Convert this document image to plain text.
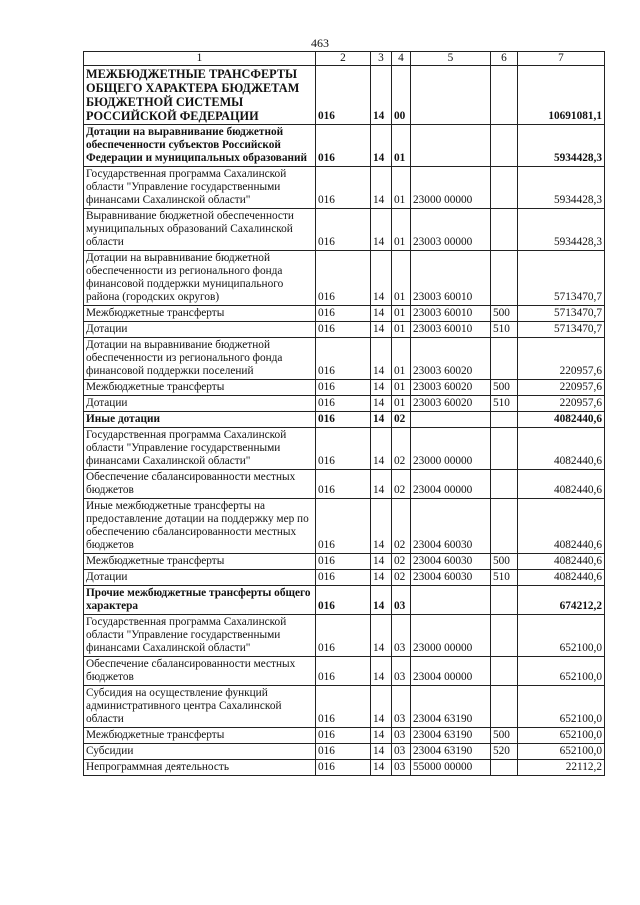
463
1	2	3	4	5	6	7
МЕЖБЮДЖЕТНЫЕ ТРАНСФЕРТЫ ОБЩЕГО ХАРАКТЕРА БЮДЖЕТАМ БЮДЖЕТНОЙ СИСТЕМЫ РОССИЙСКОЙ ФЕДЕРАЦИИ	016	14	00			10691081,1
Дотации на выравнивание бюджетной обеспеченности субъектов Российской Федерации и муниципальных образований	016	14	01			5934428,3
Государственная программа Сахалинской области "Управление государственными финансами Сахалинской области"	016	14	01	23000 00000		5934428,3
Выравнивание бюджетной обеспеченности муниципальных образований Сахалинской области	016	14	01	23003 00000		5934428,3
Дотации на выравнивание бюджетной обеспеченности из регионального фонда финансовой поддержки муниципального района (городских округов)	016	14	01	23003 60010		5713470,7
Межбюджетные трансферты	016	14	01	23003 60010	500	5713470,7
Дотации	016	14	01	23003 60010	510	5713470,7
Дотации на выравнивание бюджетной обеспеченности из регионального фонда финансовой поддержки поселений	016	14	01	23003 60020		220957,6
Межбюджетные трансферты	016	14	01	23003 60020	500	220957,6
Дотации	016	14	01	23003 60020	510	220957,6
Иные дотации	016	14	02			4082440,6
Государственная программа Сахалинской области "Управление государственными финансами Сахалинской области"	016	14	02	23000 00000		4082440,6
Обеспечение сбалансированности местных бюджетов	016	14	02	23004 00000		4082440,6
Иные межбюджетные трансферты на предоставление дотации на поддержку мер по обеспечению сбалансированности местных бюджетов	016	14	02	23004 60030		4082440,6
Межбюджетные трансферты	016	14	02	23004 60030	500	4082440,6
Дотации	016	14	02	23004 60030	510	4082440,6
Прочие межбюджетные трансферты общего характера	016	14	03			674212,2
Государственная программа Сахалинской области "Управление государственными финансами Сахалинской области"	016	14	03	23000 00000		652100,0
Обеспечение сбалансированности местных бюджетов	016	14	03	23004 00000		652100,0
Субсидия на осуществление функций административного центра Сахалинской области	016	14	03	23004 63190		652100,0
Межбюджетные трансферты	016	14	03	23004 63190	500	652100,0
Субсидии	016	14	03	23004 63190	520	652100,0
Непрограммная деятельность	016	14	03	55000 00000		22112,2
